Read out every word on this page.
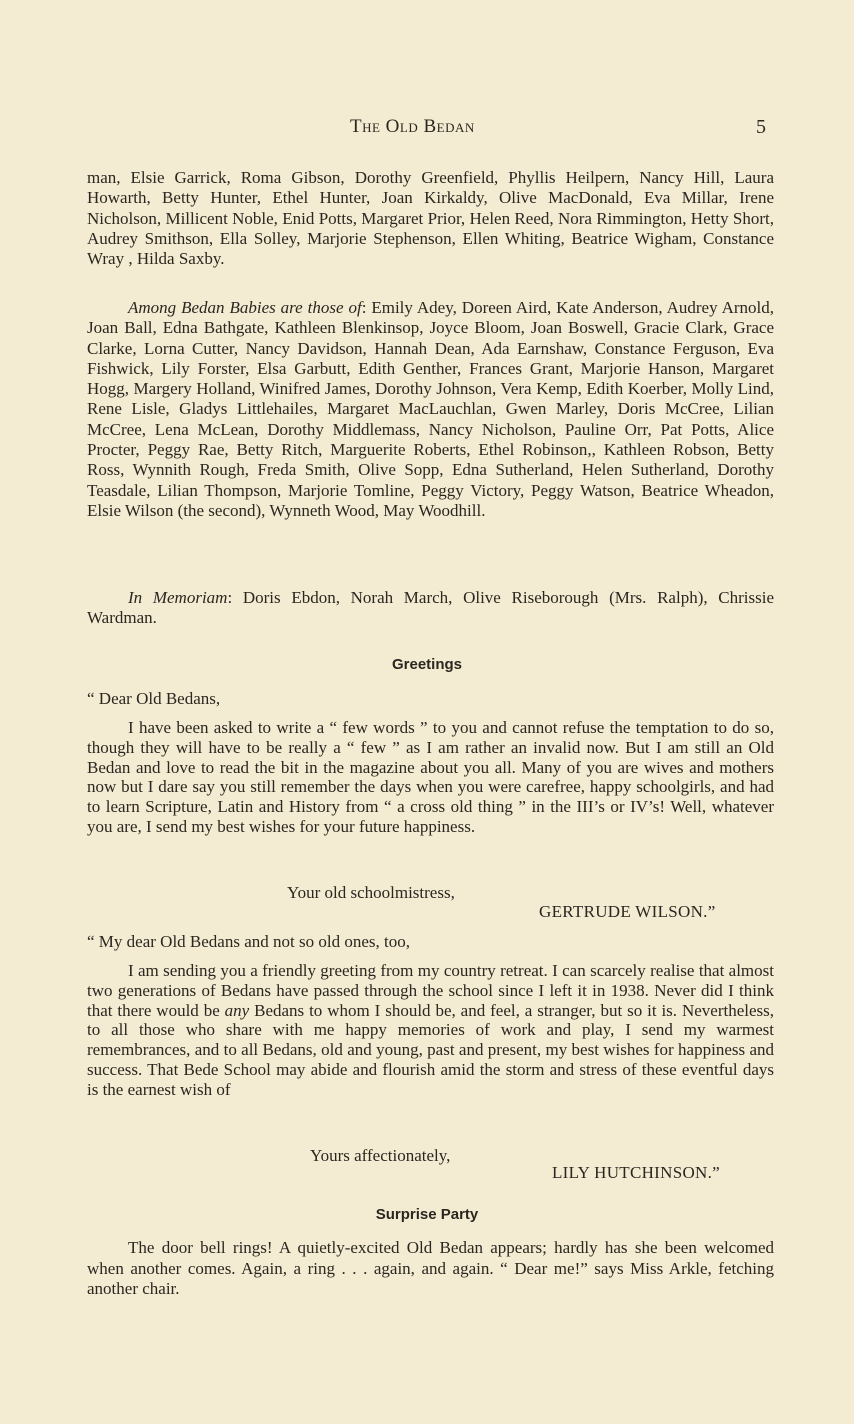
The Old Bedan	5

man, Elsie Garrick, Roma Gibson, Dorothy Greenfield, Phyllis Heilpern, Nancy Hill, Laura Howarth, Betty Hunter, Ethel Hunter, Joan Kirkaldy, Olive MacDonald, Eva Millar, Irene Nicholson, Millicent Noble, Enid Potts, Margaret Prior, Helen Reed, Nora Rimmington, Hetty Short, Audrey Smithson, Ella Solley, Marjorie Stephenson, Ellen Whiting, Beatrice Wigham, Constance Wray , Hilda Saxby.

Among Bedan Babies are those of: Emily Adey, Doreen Aird, Kate Anderson, Audrey Arnold, Joan Ball, Edna Bathgate, Kathleen Blenkinsop, Joyce Bloom, Joan Boswell, Gracie Clark, Grace Clarke, Lorna Cutter, Nancy Davidson, Hannah Dean, Ada Earnshaw, Constance Ferguson, Eva Fishwick, Lily Forster, Elsa Garbutt, Edith Genther, Frances Grant, Marjorie Hanson, Margaret Hogg, Margery Holland, Winifred James, Dorothy Johnson, Vera Kemp, Edith Koerber, Molly Lind, Rene Lisle, Gladys Littlehailes, Margaret MacLauchlan, Gwen Marley, Doris McCree, Lilian McCree, Lena McLean, Dorothy Middlemass, Nancy Nicholson, Pauline Orr, Pat Potts, Alice Procter, Peggy Rae, Betty Ritch, Marguerite Roberts, Ethel Robinson,, Kathleen Robson, Betty Ross, Wynnith Rough, Freda Smith, Olive Sopp, Edna Sutherland, Helen Sutherland, Dorothy Teasdale, Lilian Thompson, Marjorie Tomline, Peggy Victory, Peggy Watson, Beatrice Wheadon, Elsie Wilson (the second), Wynneth Wood, May Woodhill.

In Memoriam: Doris Ebdon, Norah March, Olive Riseborough (Mrs. Ralph), Chrissie Wardman.

Greetings
“ Dear Old Bedans,

I have been asked to write a “ few words ” to you and cannot refuse the temptation to do so, though they will have to be really a “ few ” as I am rather an invalid now. But I am still an Old Bedan and love to read the bit in the magazine about you all. Many of you are wives and mothers now but I dare say you still remember the days when you were carefree, happy schoolgirls, and had to learn Scripture, Latin and History from “ a cross old thing ” in the III’s or IV’s! Well, whatever you are, I send my best wishes for your future happiness.

Your old schoolmistress,
GERTRUDE WILSON.”
“ My dear Old Bedans and not so old ones, too,

I am sending you a friendly greeting from my country retreat. I can scarcely realise that almost two generations of Bedans have passed through the school since I left it in 1938. Never did I think that there would be any Bedans to whom I should be, and feel, a stranger, but so it is. Nevertheless, to all those who share with me happy memories of work and play, I send my warmest remembrances, and to all Bedans, old and young, past and present, my best wishes for happiness and success. That Bede School may abide and flourish amid the storm and stress of these eventful days is the earnest wish of

Yours affectionately,
LILY HUTCHINSON.”
Surprise Party

The door bell rings! A quietly-excited Old Bedan appears; hardly has she been welcomed when another comes. Again, a ring . . . again, and again. “ Dear me!” says Miss Arkle, fetching another chair.
